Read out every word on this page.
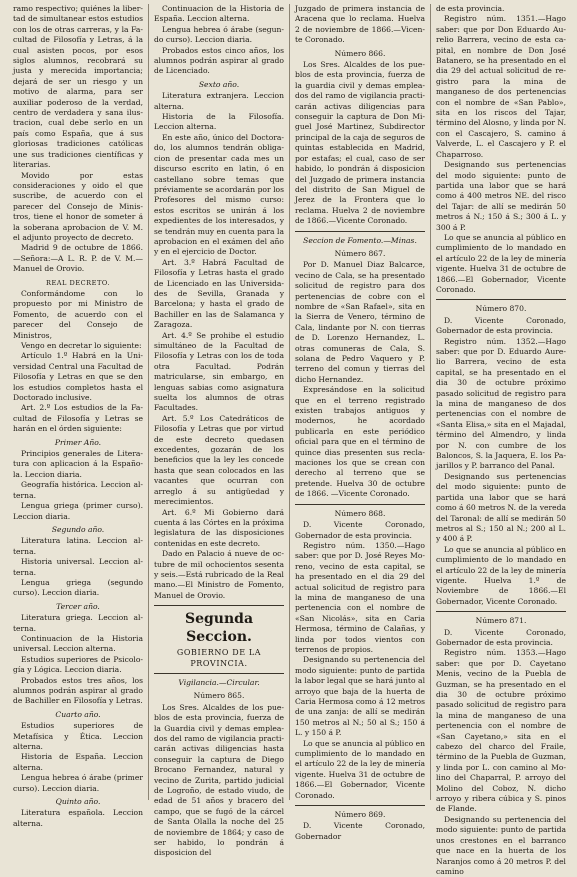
ramo respectivo; quiénes la libertad de simultanear estos estudios con los de otras carreras, y la Facultad de Filosofía y Letras, á la cual asisten pocos, por esos siglos alumnos, recobrará su justa y merecida importancia; dejará de ser un riesgo y un motivo de alarma, para ser auxiliar poderoso de la verdad, centro de verdadera y sana ilustracion, cual debe serlo en un país como España, que á sus gloriosas tradiciones católicas une sus tradiciones científicas y literarias.

Movido por estas consideraciones y oido el que suscribe, de acuerdo con el parecer del Consejo de Ministros, tiene el honor de someter á la soberana aprobacion de V. M. el adjunto proyecto de decreto.

Madrid 9 de octubre de 1866.—Señora:—A L. R. P. de V. M.—Manuel de Orovio.

REAL DECRETO.

Conformándome con lo propuesto por mi Ministro de Fomento, de acuerdo con el parecer del Consejo de Ministros,

Vengo en decretar lo siguiente:

Artículo 1.º Habrá en la Universidad Central una Facultad de Filosofía y Letras en que se den los estudios completos hasta el Doctorado inclusive.

Art. 2.º Los estudios de la Facultad de Filosofía y Letras se harán en el órden siguiente:

Primer Año.

Principios generales de Literatura con aplicacion á la Española. Leccion diaria.

Geografía histórica. Leccion alterna.

Lengua griega (primer curso). Leccion diaria.

Segundo año.

Literatura latina. Leccion alterna.

Historia universal. Leccion alterna.

Lengua griega (segundo curso). Leccion diaria.

Tercer año.

Literatura griega. Leccion alterna.

Continuacion de la Historia universal. Leccion alterna.

Estudios superiores de Psicología y Lógica. Leccion diaria.

Probados estos tres años, los alumnos podrán aspirar al grado de Bachiller en Filosofía y Letras.

Cuarto año.

Estudios superiores de Metafísica y Ética. Leccion alterna.

Historia de España. Leccion alterna.

Lengua hebrea ó árabe (primer curso). Leccion diaria.

Quinto año.

Literatura española. Leccion alterna.

Continuacion de la Historia de España. Leccion alterna.

Lengua hebrea ó árabe (segundo curso). Leccion diaria.

Probados estos cinco años, los alumnos podrán aspirar al grado de Licenciado.

Sexto año.

Literatura extranjera. Leccion alterna.

Historia de la Filosofía. Leccion alterna.

En este año, único del Doctorado, los alumnos tendrán obligacion de presentar cada mes un discurso escrito en latin, ó en castellano sobre temas que préviamente se acordarán por los Profesores del mismo curso: estos escritos se unirán á los expedientes de los interesados, y se tendrán muy en cuenta para la aprobacion en el exámen del año y en el ejercicio de Doctor.

Art. 3.º Habrá Facultad de Filosofía y Letras hasta el grado de Licenciado en las Universidades de Sevilla, Granada y Barcelona; y hasta el grado de Bachiller en las de Salamanca y Zaragoza.

Art. 4.º Se prohibe el estudio simultáneo de la Facultad de Filosofía y Letras con los de toda otra Facultad. Podrán matricularse, sin embargo, en lenguas sabias como asignatura suelta los alumnos de otras Facultades.

Art. 5.º Los Catedráticos de Filosofía y Letras que por virtud de este decreto quedasen excedentes, gozarán de los beneficios que la ley les concede hasta que sean colocados en las vacantes que ocurran con arreglo á su antigüedad y merecimientos.

Art. 6.º Mi Gobierno dará cuenta á las Córtes en la próxima legislatura de las disposiciones contenidas en este decreto.

Dado en Palacio á nueve de octubre de mil ochocientos sesenta y seis.—Está rubricado de la Real mano.—El Ministro de Fomento, Manuel de Orovio.

Segunda Seccion.
GOBIERNO DE LA PROVINCIA.

Vigilancia.—Circular.

Número 865.

Los Sres. Alcaldes de los pueblos de esta provincia, fuerza de la Guardia civil y demas empleados del ramo de vigilancia practicarán activas diligencias hasta conseguir la captura de Diego Brocano Fernandez, natural y vecino de Zurita, partido judicial de Logroño, de estado viudo, de edad de 51 años y bracero del campo, que se fugó de la cárcel de Santa Olalla la noche del 25 de noviembre de 1864; y caso de ser habido, lo pondrán á disposicion del

Juzgado de primera instancia de Aracena que lo reclama. Huelva 2 de noviembre de 1866.—Vicente Coronado.

Número 866.

Los Sres. Alcaldes de los pueblos de esta provincia, fuerza de la guardia civil y demas empleados del ramo de vigilancia practicarán activas diligencias para conseguir la captura de Don Miguel José Martinez, Subdirector principal de la caja de seguros de quintas establecida en Madrid, por estafas; el cual, caso de ser habido, lo pondrán á disposicion del Juzgado de primera instancia del distrito de San Miguel de Jerez de la Frontera que lo reclama. Huelva 2 de noviembre de 1866.—Vicente Coronado.

Seccion de Fomento.—Minas.

Número 867.

Por D. Manuel Diaz Balcarce, vecino de Cala, se ha presentado solicitud de registro para dos pertenencias de cobre con el nombre de «San Rafael», sita en la Sierra de Venero, término de Cala, lindante por N. con tierras de D. Lorenzo Hernandez, L. otras comuneras de Cala, S. solana de Pedro Vaquero y P. terreno del comun y tierras del dicho Hernandez.

Expresándose en la solicitud que en el terreno registrado existen trabajos antiguos y modernos, he acordado publicarla en este periódico oficial para que en el término de quince dias presenten sus reclamaciones los que se crean con derecho al terreno que se pretende. Huelva 30 de octubre de 1866. —Vicente Coronado.

Número 868.

D. Vicente Coronado, Gobernador de esta provincia.

Registro núm. 1350.—Hago saber: que por D. José Reyes Moreno, vecino de esta capital, se ha presentado en el dia 29 del actual solicitud de registro para la mina de manganeso de una pertenencia con el nombre de «San Nicolás», sita en Caria Hermosa, término de Calañas, y linda por todos vientos con terrenos de propios.

Designando su pertenencia del modo siguiente: punto de partida la labor legal que se hará junto al arroyo que baja de la huerta de Caria Hermosa como á 12 metros de una zanja: de allí se medirán 150 metros al N.; 50 al S.; 150 á L. y 150 á P.

Lo que se anuncia al público en cumplimiento de lo mandado en el artículo 22 de la ley de minería vigente. Huelva 31 de octubre de 1866.—El Gobernador, Vicente Coronado.

Número 869.

D. Vicente Coronado, Gobernador

de esta provincia.

Registro núm. 1351.—Hago saber: que por Don Eduardo Aurelio Barrera, vecino de esta capital, en nombre de Don José Batanero, se ha presentado en el dia 29 del actual solicitud de registro para la mina de manganeso de dos pertenencias con el nombre de «San Pablo», sita en los riscos del Tajar, término del Alosno, y linda por N. con el Cascajero, S. camino á Valverde, L. el Cascajero y P. el Chaparroso.

Designando sus pertenencias del modo siguiente: punto de partida una labor que se hará como á 400 metros NE. del risco del Tajar: de allí se medirán 50 metros á N.; 150 á S.; 300 á L. y 300 á P.

Lo que se anuncia al público en cumplimiento de lo mandado en el artículo 22 de la ley de minería vigente. Huelva 31 de octubre de 1866.—El Gobernador, Vicente Coronado.

Número 870.

D. Vicente Coronado, Gobernador de esta provincia.

Registro núm. 1352.—Hago saber: que por D. Eduardo Aurelio Barrera, vecino de esta capital, se ha presentado en el dia 30 de octubre próximo pasado solicitud de registro para la mina de manganeso de dos pertenencias con el nombre de «Santa Elisa,» sita en el Majadal, término del Almendro, y linda por N. con cumbre de los Baloncos, S. la Jaquera, E. los Pajarillos y P. barranco del Panal.

Designando sus pertenencias del modo siguiente: punto de partida una labor que se hará como á 60 metros N. de la vereda del Taronal: de allí se medirán 50 metros al S.; 150 al N.; 200 al L. y 400 á P.

Lo que se anuncia al público en cumplimiento de lo mandado en el artículo 22 de la ley de minería vigente. Huelva 1.º de Noviembre de 1866.—El Gobernador, Vicente Coronado.

Número 871.

D. Vicente Coronado, Gobernador de esta provincia.

Registro núm. 1353.—Hago saber: que por D. Cayetano Menis, vecino de la Puebla de Guzman, se ha presentado en el dia 30 de octubre próximo pasado solicitud de registro para la mina de manganeso de una pertenencia con el nombre de «San Cayetano,» sita en el cabezo del charco del Fraile, término de la Puebla de Guzman, y linda por L. con camino al Molino del Chaparral, P. arroyo del Molino del Coboz, N. dicho arroyo y ribera cúbica y S. pinos de Flande.

Designando su pertenencia del modo siguiente: punto de partida unos crestones en el barranco que nace en la huerta de los Naranjos como á 20 metros P. del camino
